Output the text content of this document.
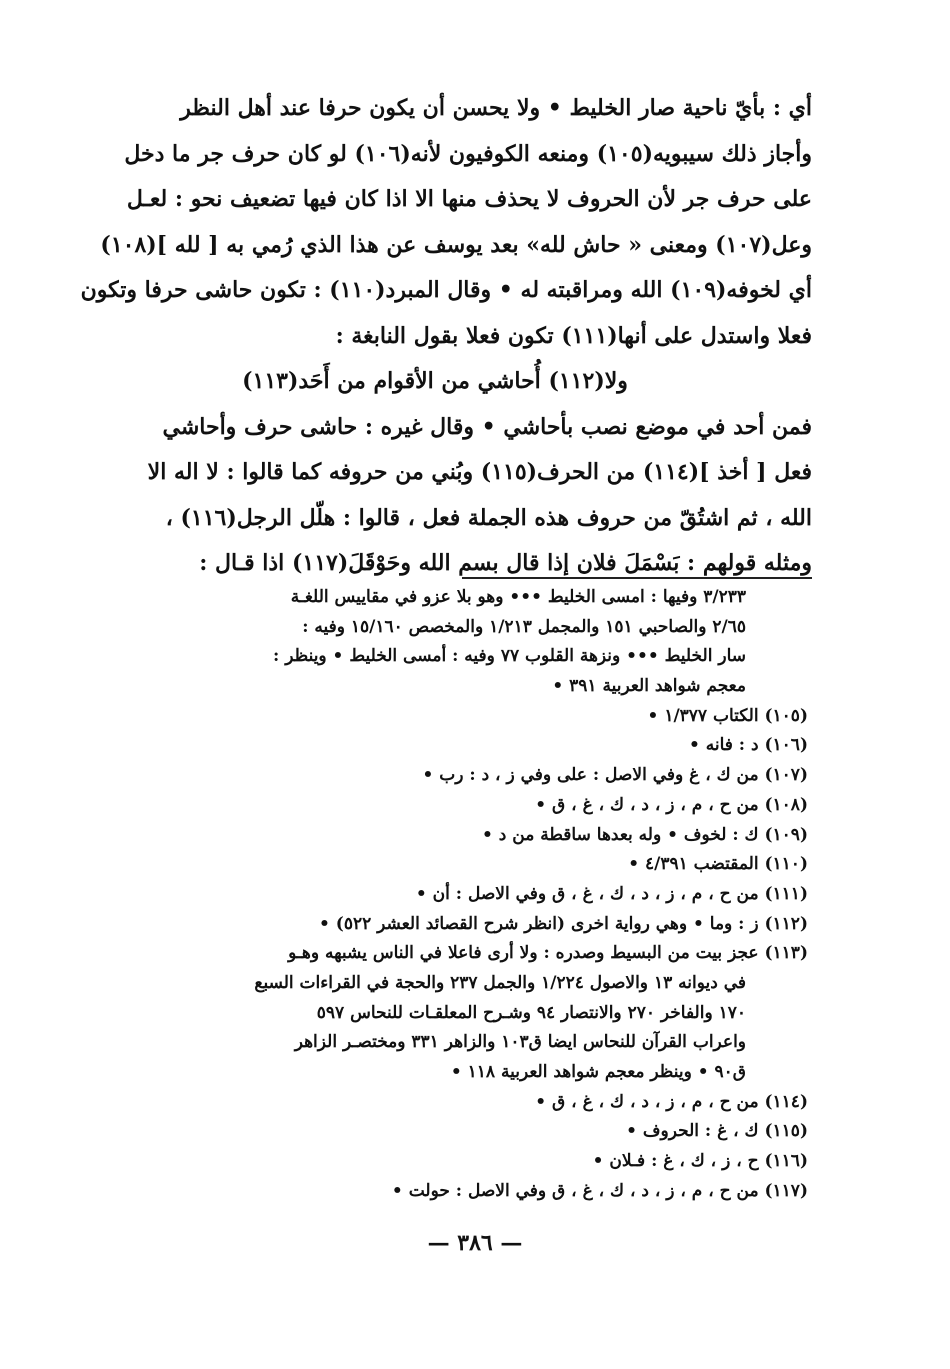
أي : بأيّ ناحية صار الخليط • ولا يحسن أن يكون حرفا عند أهل النظر
وأجاز ذلك سيبويه(١٠٥) ومنعه الكوفيون لأنه(١٠٦) لو كان حرف جر ما دخل
على حرف جر لأن الحروف لا يحذف منها الا اذا كان فيها تضعيف نحو : لعـل
وعل(١٠٧) ومعنى « حاش لله» بعد يوسف عن هذا الذي رُمي به [ لله ](١٠٨)
أي لخوفه(١٠٩) الله ومراقبته له • وقال المبرد(١١٠) : تكون حاشى حرفا وتكون
فعلا واستدل على أنها(١١١) تكون فعلا بقول النابغة :
ولا(١١٢) أُحاشي من الأقوام من أَحَد(١١٣)
فمن أحد في موضع نصب بأحاشي • وقال غيره : حاشى حرف وأحاشي
فعل [ أخذ ](١١٤) من الحرف(١١٥) وبُني من حروفه كما قالوا : لا اله الا
الله ، ثم اشتُقّ من حروف هذه الجملة فعل ، قالوا : هلّل الرجل(١١٦) ،
ومثله قولهم : بَسْمَلَ فلان إذا قال بسم الله وحَوْقَلَ(١١٧) اذا قـال :
٣/٢٣٣ وفيها : امسى الخليط ••• وهو بلا عزو في مقاييس اللغـة
٢/٦٥ والصاحبي ١٥١ والمجمل ١/٢١٣ والمخصص ١٥/١٦٠ وفيه :
سار الخليط ••• ونزهة القلوب ٧٧ وفيه : أمسى الخليط • وينظر :
معجم شواهد العربية ٣٩١ •
(١٠٥) الكتاب ١/٣٧٧ •
(١٠٦) د : فانه •
(١٠٧) من ك ، غ وفي الاصل : على وفي ز ، د : رب •
(١٠٨) من ح ، م ، ز ، د ، ك ، غ ، ق •
(١٠٩) ك : لخوف • وله بعدها ساقطة من د •
(١١٠) المقتضب ٤/٣٩١ •
(١١١) من ح ، م ، ز ، د ، ك ، غ ، ق وفي الاصل : أن •
(١١٢) ز : وما • وهي رواية اخرى (انظر شرح القصائد العشر ٥٢٢) •
(١١٣) عجز بيت من البسيط وصدره : ولا أرى فاعلا في الناس يشبهه وهـو
في ديوانه ١٣ والاصول ١/٢٢٤ والجمل ٢٣٧ والحجة في القراءات السبع
١٧٠ والفاخر ٢٧٠ والانتصار ٩٤ وشـرح المعلقـات للنحاس ٥٩٧
واعراب القرآن للنحاس ايضا ق١٠٣ والزاهر ٣٣١ ومختصـر الزاهر
ق٩٠ • وينظر معجم شواهد العربية ١١٨ •
(١١٤) من ح ، م ، ز ، د ، ك ، غ ، ق •
(١١٥) ك ، غ : الحروف •
(١١٦) ح ، ز ، ك ، غ : فـلان •
(١١٧) من ح ، م ، ز ، د ، ك ، غ ، ق وفي الاصل : حولت •
— ٣٨٦ —
